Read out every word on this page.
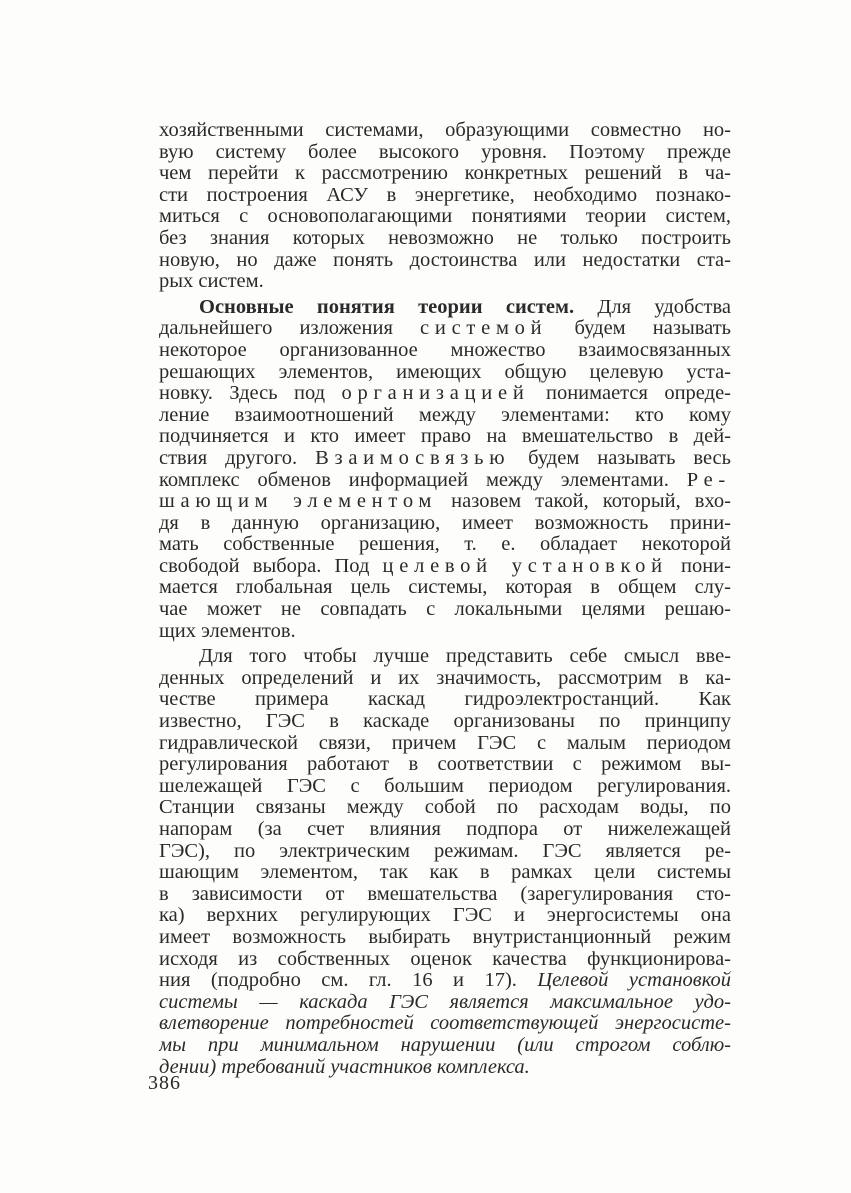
хозяйственными системами, образующими совместно но-
вую систему более высокого уровня. Поэтому прежде
чем перейти к рассмотрению конкретных решений в ча-
сти построения АСУ в энергетике, необходимо познако-
миться с основополагающими понятиями теории систем,
без знания которых невозможно не только построить
новую, но даже понять достоинства или недостатки ста-
рых систем.
Основные понятия теории систем. Для удобства
дальнейшего изложения системой будем называть
некоторое организованное множество взаимосвязанных
решающих элементов, имеющих общую целевую уста-
новку. Здесь под организацией понимается опреде-
ление взаимоотношений между элементами: кто кому
подчиняется и кто имеет право на вмешательство в дей-
ствия другого. Взаимосвязью будем называть весь
комплекс обменов информацией между элементами. Ре-
шающим элементом назовем такой, который, вхо-
дя в данную организацию, имеет возможность прини-
мать собственные решения, т. е. обладает некоторой
свободой выбора. Под целевой установкой пони-
мается глобальная цель системы, которая в общем слу-
чае может не совпадать с локальными целями решаю-
щих элементов.
Для того чтобы лучше представить себе смысл вве-
денных определений и их значимость, рассмотрим в ка-
честве примера каскад гидроэлектростанций. Как
известно, ГЭС в каскаде организованы по принципу
гидравлической связи, причем ГЭС с малым периодом
регулирования работают в соответствии с режимом вы-
шележащей ГЭС с большим периодом регулирования.
Станции связаны между собой по расходам воды, по
напорам (за счет влияния подпора от нижележащей
ГЭС), по электрическим режимам. ГЭС является ре-
шающим элементом, так как в рамках цели системы
в зависимости от вмешательства (зарегулирования сто-
ка) верхних регулирующих ГЭС и энергосистемы она
имеет возможность выбирать внутристанционный режим
исходя из собственных оценок качества функционирова-
ния (подробно см. гл. 16 и 17). Целевой установкой
системы — каскада ГЭС является максимальное удо-
влетворение потребностей соответствующей энергосисте-
мы при минимальном нарушении (или строгом соблю-
дении) требований участников комплекса.
386
